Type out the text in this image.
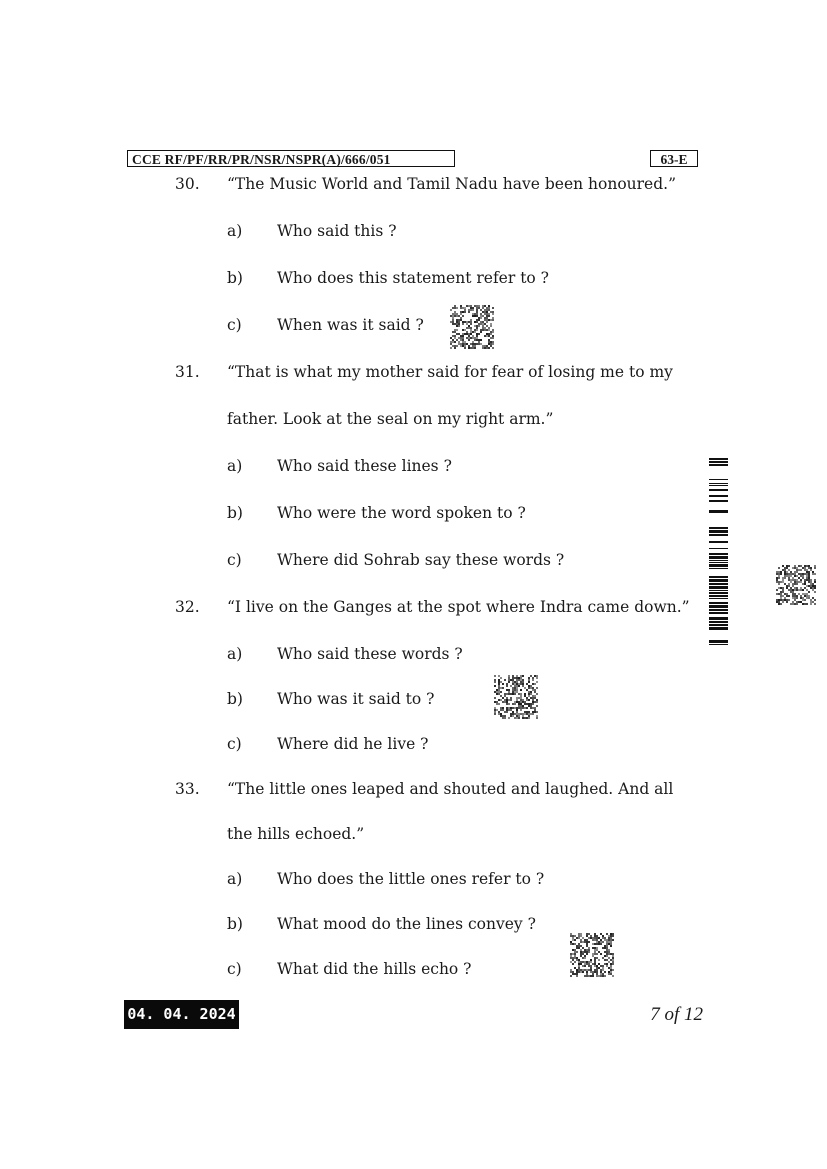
CCE RF/PF/RR/PR/NSR/NSPR(A)/666/051	63-E
30. “The Music World and Tamil Nadu have been honoured.”
a) Who said this ?
b) Who does this statement refer to ?
c) When was it said ?
31. “That is what my mother said for fear of losing me to my
father. Look at the seal on my right arm.”
a) Who said these lines ?
b) Who were the word spoken to ?
c) Where did Sohrab say these words ?
32. “I live on the Ganges at the spot where Indra came down.”
a) Who said these words ?
b) Who was it said to ?
c) Where did he live ?
33. “The little ones leaped and shouted and laughed. And all
the hills echoed.”
a) Who does the little ones refer to ?
b) What mood do the lines convey ?
c) What did the hills echo ?
04. 04. 2024	7 of 12
